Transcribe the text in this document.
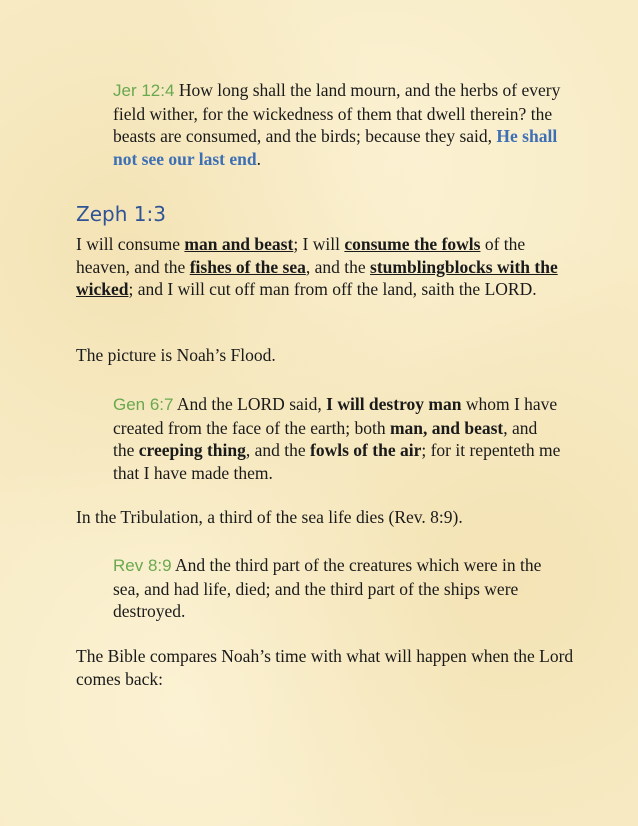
Jer 12:4 How long shall the land mourn, and the herbs of every field wither, for the wickedness of them that dwell therein? the beasts are consumed, and the birds; because they said, He shall not see our last end.
Zeph 1:3
I will consume man and beast; I will consume the fowls of the heaven, and the fishes of the sea, and the stumblingblocks with the wicked; and I will cut off man from off the land, saith the LORD.
The picture is Noah’s Flood.
Gen 6:7 And the LORD said, I will destroy man whom I have created from the face of the earth; both man, and beast, and the creeping thing, and the fowls of the air; for it repenteth me that I have made them.
In the Tribulation, a third of the sea life dies (Rev. 8:9).
Rev 8:9 And the third part of the creatures which were in the sea, and had life, died; and the third part of the ships were destroyed.
The Bible compares Noah’s time with what will happen when the Lord comes back:
